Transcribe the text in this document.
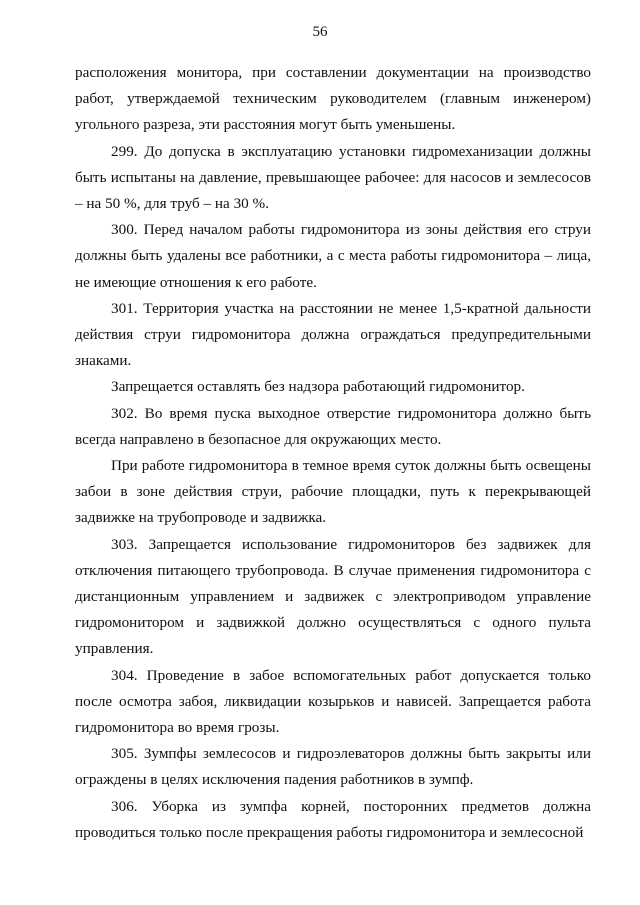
56

расположения монитора, при составлении документации на производство работ, утверждаемой техническим руководителем (главным инженером) угольного разреза, эти расстояния могут быть уменьшены.

299. До допуска в эксплуатацию установки гидромеханизации должны быть испытаны на давление, превышающее рабочее: для насосов и землесосов – на 50 %, для труб – на 30 %.

300. Перед началом работы гидромонитора из зоны действия его струи должны быть удалены все работники, а с места работы гидромонитора – лица, не имеющие отношения к его работе.

301. Территория участка на расстоянии не менее 1,5-кратной дальности действия струи гидромонитора должна ограждаться предупредительными знаками.

Запрещается оставлять без надзора работающий гидромонитор.

302. Во время пуска выходное отверстие гидромонитора должно быть всегда направлено в безопасное для окружающих место.

При работе гидромонитора в темное время суток должны быть освещены забои в зоне действия струи, рабочие площадки, путь к перекрывающей задвижке на трубопроводе и задвижка.

303. Запрещается использование гидромониторов без задвижек для отключения питающего трубопровода. В случае применения гидромонитора с дистанционным управлением и задвижек с электроприводом управление гидромонитором и задвижкой должно осуществляться с одного пульта управления.

304. Проведение в забое вспомогательных работ допускается только после осмотра забоя, ликвидации козырьков и нависей. Запрещается работа гидромонитора во время грозы.

305. Зумпфы землесосов и гидроэлеваторов должны быть закрыты или ограждены в целях исключения падения работников в зумпф.

306. Уборка из зумпфа корней, посторонних предметов должна проводиться только после прекращения работы гидромонитора и землесосной
